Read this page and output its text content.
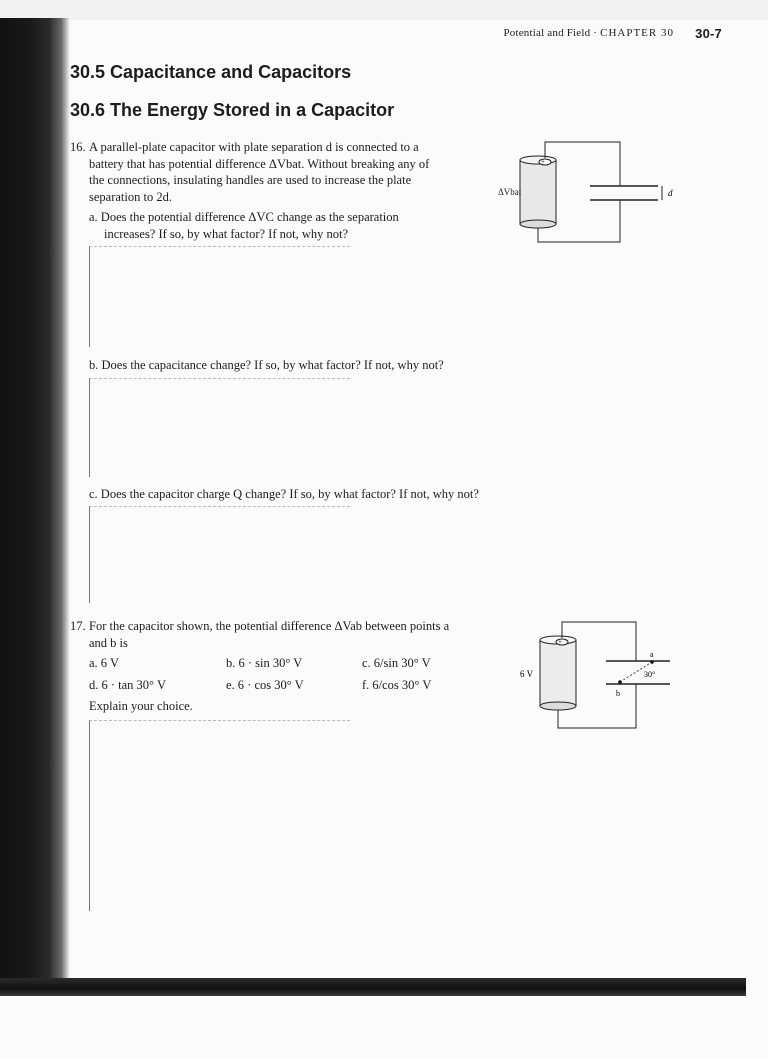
Potential and Field · CHAPTER 30 30-7
30.5 Capacitance and Capacitors
30.6 The Energy Stored in a Capacitor
16. A parallel-plate capacitor with plate separation d is connected to a
battery that has potential difference ΔVbat. Without breaking any of
the connections, insulating handles are used to increase the plate
separation to 2d.
a. Does the potential difference ΔVC change as the separation
increases? If so, by what factor? If not, why not?
b. Does the capacitance change? If so, by what factor? If not, why not?
c. Does the capacitor charge Q change? If so, by what factor? If not, why not?
+
ΔVbat	d
17. For the capacitor shown, the potential difference ΔVab between points a
and b is
a. 6 V	b. 6 · sin 30° V	c. 6/sin 30° V
d. 6 · tan 30° V	e. 6 · cos 30° V	f. 6/cos 30° V
Explain your choice.
+
a
b
30°
6 V
